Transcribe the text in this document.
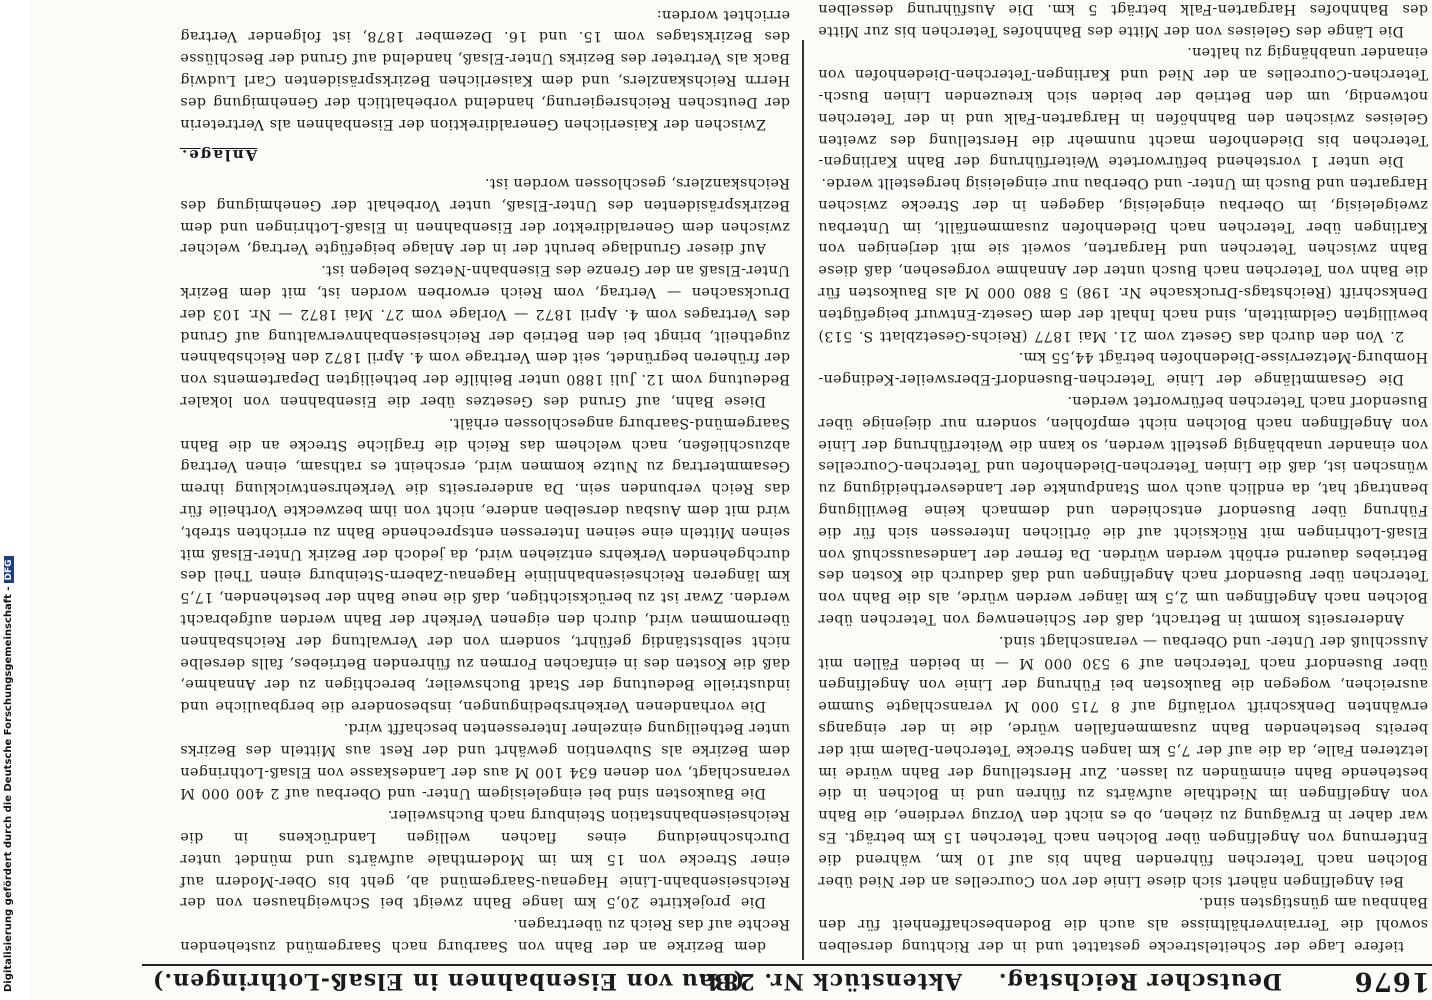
Digitalisierung gefördert durch die Deutsche Forschungsgemeinschaft -DFG
1676
Deutscher Reichstag.
Aktenstück Nr. 284.
(Bau von Eisenbahnen in Elsaß-Lothringen.)

tiefere Lage der Scheitelstrecke gestattet und in der Richtung derselben sowohl die Terrainverhältnisse als auch die Bodenbeschaffenheit für den Bahnbau am günstigsten sind.

Bei Angelfingen nähert sich diese Linie der von Courcelles an der Nied über Bolchen nach Teterchen führenden Bahn bis auf 10 km, während die Entfernung von Angelfingen über Bolchen nach Teterchen 15 km beträgt. Es war daher in Erwägung zu ziehen, ob es nicht den Vorzug verdiene, die Bahn von Angelfingen im Niedthale aufwärts zu führen und in Bolchen in die bestehende Bahn einmünden zu lassen. Zur Herstellung der Bahn würde im letzteren Falle, da die auf der 7,5 km langen Strecke Teterchen-Dalem mit der bereits bestehenden Bahn zusammenfallen würde, die in der eingangs erwähnten Denkschrift vorläufig auf 8 715 000 M veranschlagte Summe ausreichen, wogegen die Baukosten bei Führung der Linie von Angelfingen über Busendorf nach Teterchen auf 9 530 000 M — in beiden Fällen mit Ausschluß der Unter- und Oberbau — veranschlagt sind.

Andererseits kommt in Betracht, daß der Schienenweg von Teterchen über Bolchen nach Angelfingen um 2,5 km länger werden würde, als die Bahn von Teterchen über Busendorf nach Angelfingen und daß dadurch die Kosten des Betriebes dauernd erhöht werden würden. Da ferner der Landesausschuß von Elsaß-Lothringen mit Rücksicht auf die örtlichen Interessen sich für die Führung über Busendorf entschieden und demnach keine Bewilligung beantragt hat, da endlich auch vom Standpunkte der Landesvertheidigung zu wünschen ist, daß die Linien Teterchen-Diedenhofen und Teterchen-Courcelles von einander unabhängig gestellt werden, so kann die Weiterführung der Linie von Angelfingen nach Bolchen nicht empfohlen, sondern nur diejenige über Busendorf nach Teterchen befürwortet werden.

Die Gesammtlänge der Linie Teterchen-Busendorf-Ebersweiler-Kedingen-Homburg-Metzervisse-Diedenhofen beträgt 44,55 km.

2. Von den durch das Gesetz vom 21. Mai 1877 (Reichs-Gesetzblatt S. 513) bewilligten Geldmitteln, sind nach Inhalt der dem Gesetz-Entwurf beigefügten Denkschrift (Reichstags-Drucksache Nr. 198) 5 880 000 M als Baukosten für die Bahn von Teterchen nach Busch unter der Annahme vorgesehen, daß diese Bahn zwischen Teterchen und Hargarten, soweit sie mit derjenigen von Karlingen über Teterchen nach Diedenhofen zusammenfällt, im Unterbau zweigeleisig, im Oberbau eingeleisig, dagegen in der Strecke zwischen Hargarten und Busch im Unter- und Oberbau nur eingeleisig hergestellt werde.

Die unter 1 vorstehend befürwortete Weiterführung der Bahn Karlingen-Teterchen bis Diedenhofen macht nunmehr die Herstellung des zweiten Geleises zwischen den Bahnhöfen in Hargarten-Falk und in der Teterchen notwendig, um den Betrieb der beiden sich kreuzenden Linien Busch-Teterchen-Courcelles an der Nied und Karlingen-Teterchen-Diedenhofen von einander unabhängig zu halten.

Die Länge des Geleises von der Mitte des Bahnhofes Teterchen bis zur Mitte des Bahnhofes Hargarten-Falk beträgt 5 km. Die Ausführung desselben

dem Bezirke an der Bahn von Saarburg nach Saargemünd zustehenden Rechte auf das Reich zu übertragen.

Die projektirte 20,5 km lange Bahn zweigt bei Schweighausen von der Reichseisenbahn-Linie Hagenau-Saargemünd ab, geht bis Ober-Modern auf einer Strecke von 15 km im Modernthale aufwärts und mündet unter Durchschneidung eines flachen welligen Landrückens in die Reichseisenbahnstation Steinburg nach Buchsweiler.

Die Baukosten sind bei eingeleisigem Unter- und Oberbau auf 2 400 000 M veranschlagt, von denen 634 100 M aus der Landeskasse von Elsaß-Lothringen dem Bezirke als Subvention gewährt und der Rest aus Mitteln des Bezirks unter Betheiligung einzelner Interessenten beschafft wird.

Die vorhandenen Verkehrsbedingungen, insbesondere die bergbauliche und industrielle Bedeutung der Stadt Buchsweiler, berechtigen zu der Annahme, daß die Kosten des in einfachen Formen zu führenden Betriebes, falls derselbe nicht selbstständig geführt, sondern von der Verwaltung der Reichsbahnen übernommen wird, durch den eigenen Verkehr der Bahn werden aufgebracht werden. Zwar ist zu berücksichtigen, daß die neue Bahn der bestehenden, 17,5 km längeren Reichseisenbahnlinie Hagenau-Zabern-Steinburg einen Theil des durchgehenden Verkehrs entziehen wird, da jedoch der Bezirk Unter-Elsaß mit seinen Mitteln eine seinen Interessen entsprechende Bahn zu errichten strebt, wird mit dem Ausbau derselben andere, nicht von ihm bezweckte Vortheile für das Reich verbunden sein. Da andererseits die Verkehrsentwicklung ihrem Gesammtertrag zu Nutze kommen wird, erscheint es rathsam, einen Vertrag abzuschließen, nach welchem das Reich die fragliche Strecke an die Bahn Saargemünd-Saarburg angeschlossen erhält.

Diese Bahn, auf Grund des Gesetzes über die Eisenbahnen von lokaler Bedeutung vom 12. Juli 1880 unter Beihilfe der betheiligten Departements von der früheren begründet, seit dem Vertrage vom 4. April 1872 den Reichsbahnen zugetheilt, bringt bei den Betrieb der Reichseisenbahnverwaltung auf Grund des Vertrages vom 4. April 1872 — Vorlage vom 27. Mai 1872 — Nr. 103 der Drucksachen — Vertrag, vom Reich erworben worden ist, mit dem Bezirk Unter-Elsaß an der Grenze des Eisenbahn-Netzes belegen ist.

Auf dieser Grundlage beruht der in der Anlage beigefügte Vertrag, welcher zwischen dem Generaldirektor der Eisenbahnen in Elsaß-Lothringen und dem Bezirkspräsidenten des Unter-Elsaß, unter Vorbehalt der Genehmigung des Reichskanzlers, geschlossen worden ist.

Anlage.

Zwischen der Kaiserlichen Generaldirektion der Eisenbahnen als Vertreterin der Deutschen Reichsregierung, handelnd vorbehaltlich der Genehmigung des Herrn Reichskanzlers, und dem Kaiserlichen Bezirkspräsidenten Carl Ludwig Back als Vertreter des Bezirks Unter-Elsaß, handelnd auf Grund der Beschlüsse des Bezirkstages vom 15. und 16. Dezember 1878, ist folgender Vertrag errichtet worden:
